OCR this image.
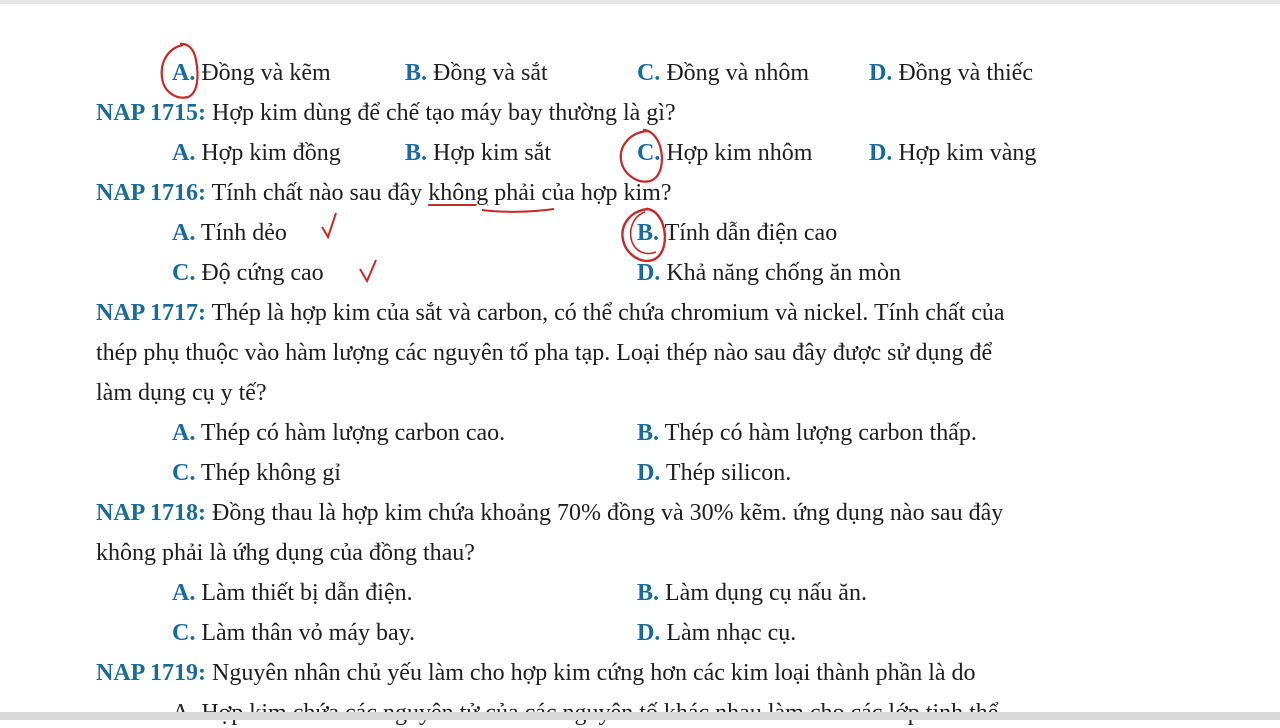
A. Đồng và kẽm	B. Đồng và sắt	C. Đồng và nhôm	D. Đồng và thiếc
NAP 1715: Hợp kim dùng để chế tạo máy bay thường là gì?
A. Hợp kim đồng	B. Hợp kim sắt	C. Hợp kim nhôm D. Hợp kim vàng
NAP 1716: Tính chất nào sau đây không phải của hợp kim?
A. Tính dẻo	B. Tính dẫn điện cao
C. Độ cứng cao	D. Khả năng chống ăn mòn
NAP 1717: Thép là hợp kim của sắt và carbon, có thể chứa chromium và nickel. Tính chất của
thép phụ thuộc vào hàm lượng các nguyên tố pha tạp. Loại thép nào sau đây được sử dụng để
làm dụng cụ y tế?
A. Thép có hàm lượng carbon cao.	B. Thép có hàm lượng carbon thấp.
C. Thép không gỉ	D. Thép silicon.
NAP 1718: Đồng thau là hợp kim chứa khoảng 70% đồng và 30% kẽm. ứng dụng nào sau đây
không phải là ứhg dụng của đồng thau?
A. Làm thiết bị dẫn điện.	B. Làm dụng cụ nấu ăn.
C. Làm thân vỏ máy bay.	D. Làm nhạc cụ.
NAP 1719: Nguyên nhân chủ yếu làm cho hợp kim cứng hơn các kim loại thành phần là do
